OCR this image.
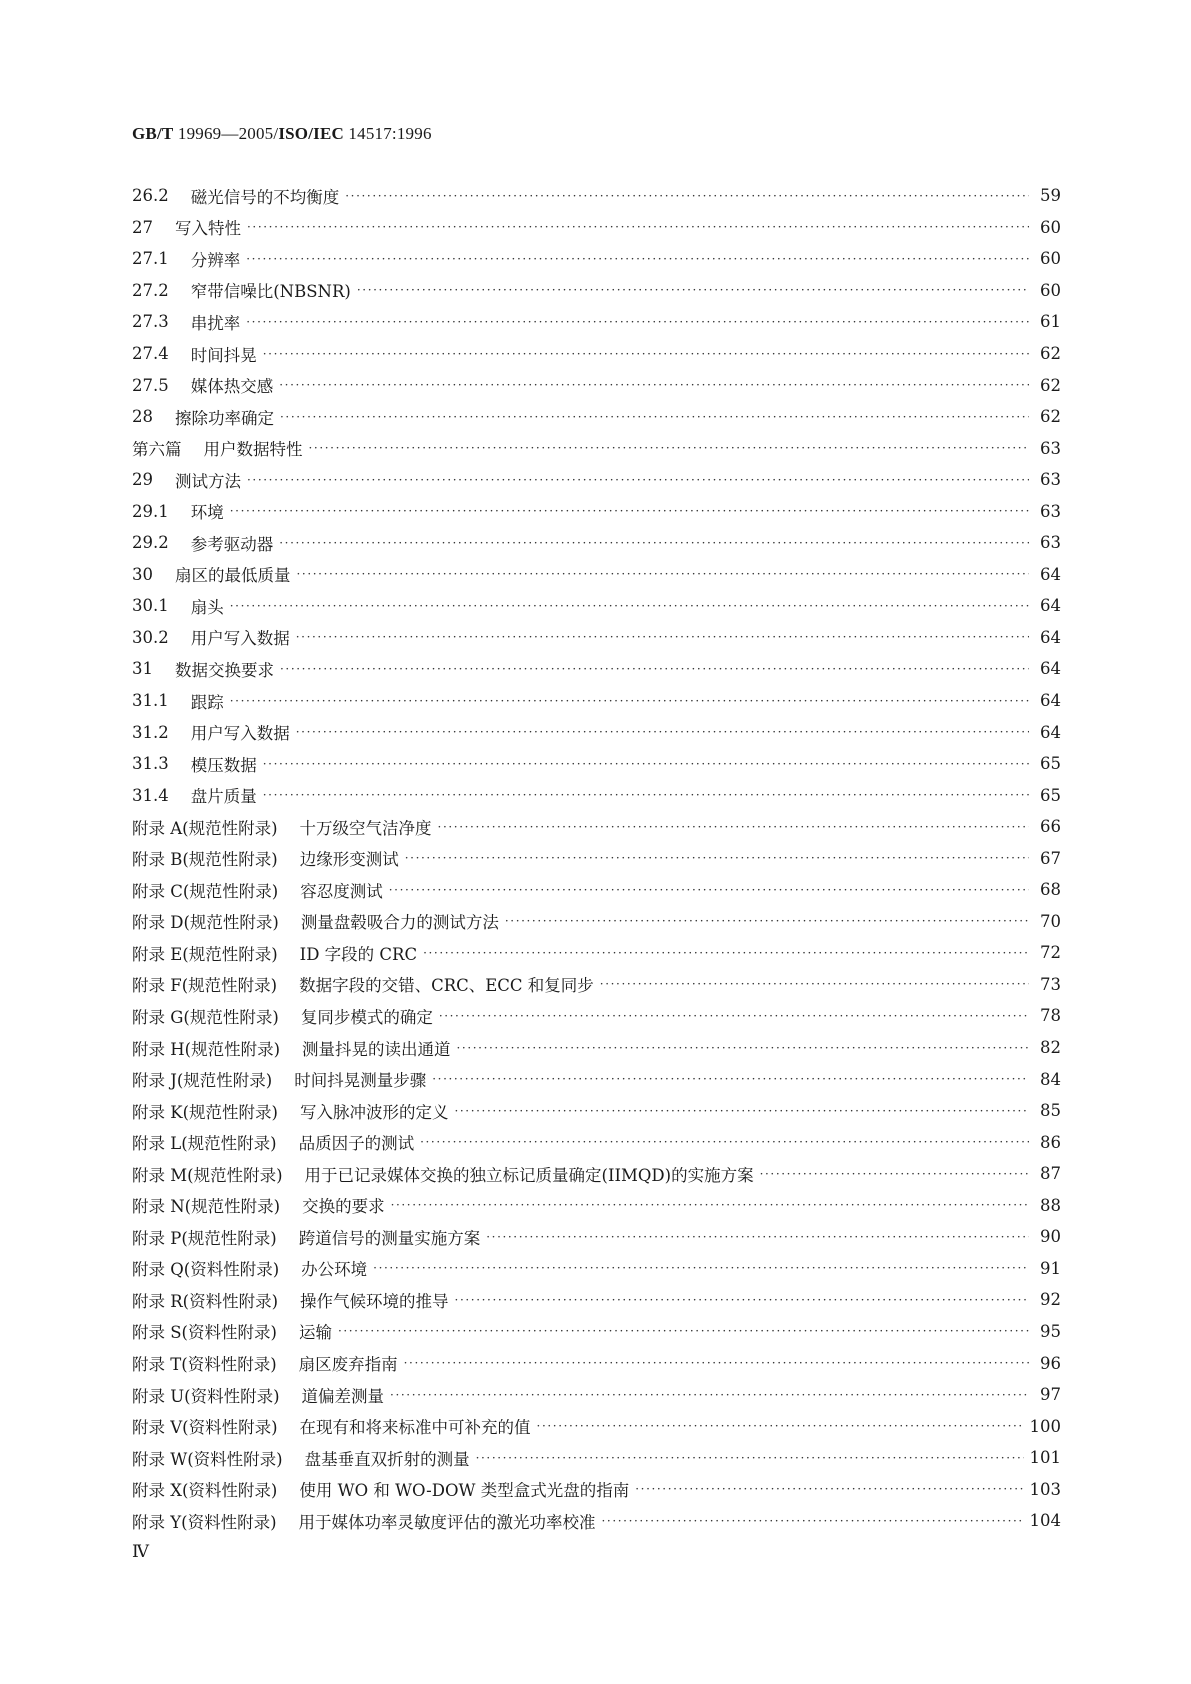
GB/T 19969—2005/ISO/IEC 14517:1996
26.2 磁光信号的不均衡度 ·····	59
27 写入特性 ·····	60
27.1 分辨率 ·····	60
27.2 窄带信噪比(NBSNR) ·····	60
27.3 串扰率 ·····	61
27.4 时间抖晃 ·····	62
27.5 媒体热交感 ·····	62
28 擦除功率确定 ·····	62
第六篇 用户数据特性 ·····	63
29 测试方法 ·····	63
29.1 环境 ·····	63
29.2 参考驱动器 ·····	63
30 扇区的最低质量 ·····	64
30.1 扇头 ·····	64
30.2 用户写入数据 ·····	64
31 数据交换要求 ·····	64
31.1 跟踪 ·····	64
31.2 用户写入数据 ·····	64
31.3 模压数据 ·····	65
31.4 盘片质量 ·····	65
附录 A(规范性附录) 十万级空气洁净度 ·····	66
附录 B(规范性附录) 边缘形变测试 ·····	67
附录 C(规范性附录) 容忍度测试 ·····	68
附录 D(规范性附录) 测量盘毂吸合力的测试方法 ·····	70
附录 E(规范性附录) ID 字段的 CRC ·····	72
附录 F(规范性附录) 数据字段的交错、CRC、ECC 和复同步 ·····	73
附录 G(规范性附录) 复同步模式的确定 ·····	78
附录 H(规范性附录) 测量抖晃的读出通道 ·····	82
附录 J(规范性附录) 时间抖晃测量步骤 ·····	84
附录 K(规范性附录) 写入脉冲波形的定义 ·····	85
附录 L(规范性附录) 品质因子的测试 ·····	86
附录 M(规范性附录) 用于已记录媒体交换的独立标记质量确定(IIMQD)的实施方案 ·····	87
附录 N(规范性附录) 交换的要求 ·····	88
附录 P(规范性附录) 跨道信号的测量实施方案 ·····	90
附录 Q(资料性附录) 办公环境 ·····	91
附录 R(资料性附录) 操作气候环境的推导 ·····	92
附录 S(资料性附录) 运输 ·····	95
附录 T(资料性附录) 扇区废弃指南 ·····	96
附录 U(资料性附录) 道偏差测量 ·····	97
附录 V(资料性附录) 在现有和将来标准中可补充的值 ·····	100
附录 W(资料性附录) 盘基垂直双折射的测量 ·····	101
附录 X(资料性附录) 使用 WO 和 WO-DOW 类型盒式光盘的指南 ·····	103
附录 Y(资料性附录) 用于媒体功率灵敏度评估的激光功率校准 ·····	104
Ⅳ
